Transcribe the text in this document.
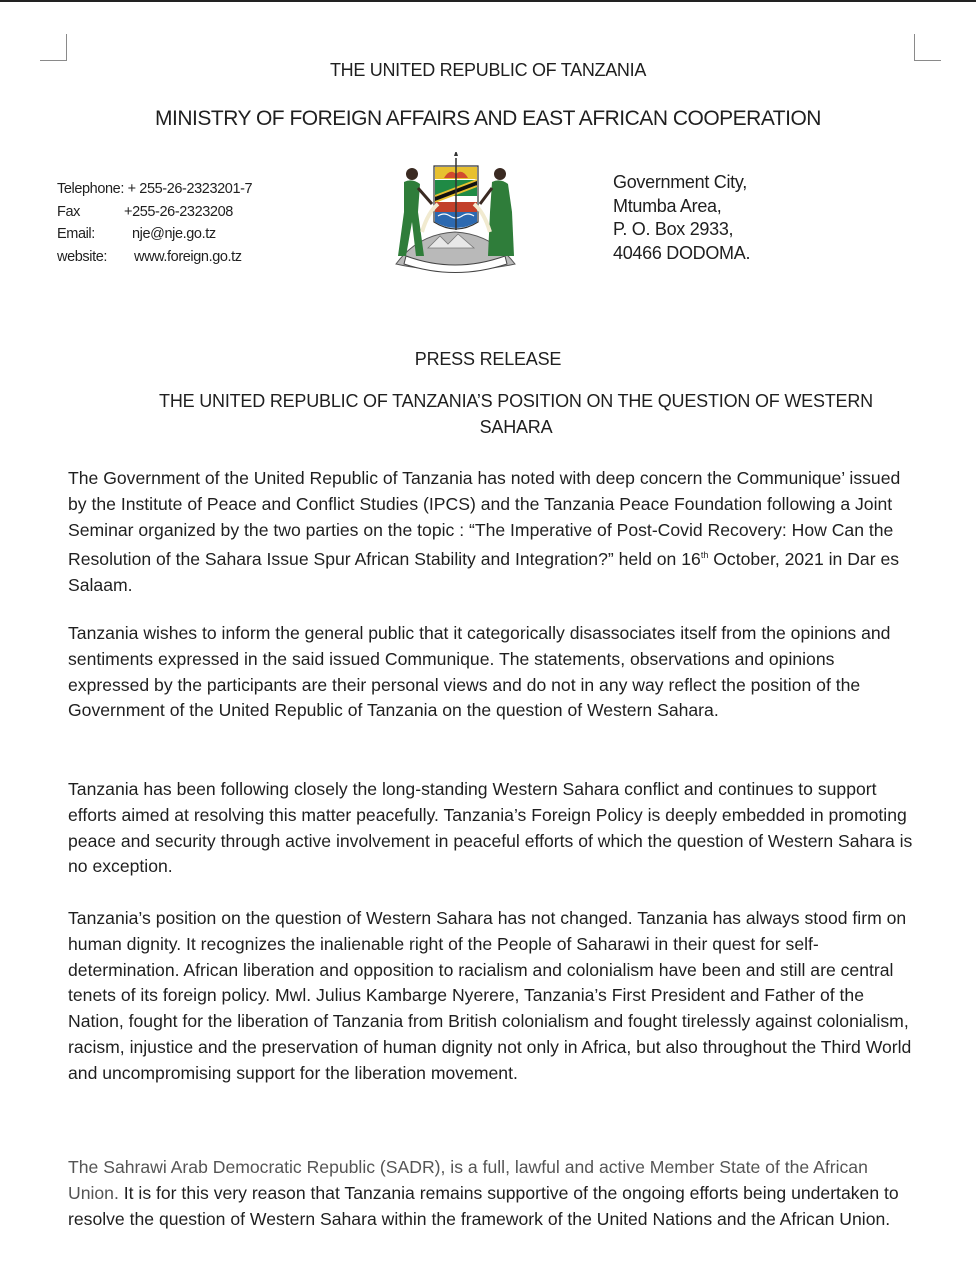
THE UNITED REPUBLIC OF TANZANIA
MINISTRY OF FOREIGN AFFAIRS AND EAST AFRICAN COOPERATION
Telephone: + 255-26-2323201-7
Fax	+255-26-2323208
Email:	nje@nje.go.tz
website: www.foreign.go.tz
Government City,
Mtumba Area,
P. O. Box 2933,
40466 DODOMA.
PRESS RELEASE
THE UNITED REPUBLIC OF TANZANIA’S POSITION ON THE QUESTION OF WESTERN
SAHARA

The Government of the United Republic of Tanzania has noted with deep concern the Communique’ issued by the Institute of Peace and Conflict Studies (IPCS) and the Tanzania Peace Foundation following a Joint Seminar organized by the two parties on the topic : “The Imperative of Post-Covid Recovery: How Can the Resolution of the Sahara Issue Spur African Stability and Integration?” held on 16th October, 2021 in Dar es Salaam.

Tanzania wishes to inform the general public that it categorically disassociates itself from the opinions and sentiments expressed in the said issued Communique. The statements, observations and opinions expressed by the participants are their personal views and do not in any way reflect the position of the Government of the United Republic of Tanzania on the question of Western Sahara.

Tanzania has been following closely the long-standing Western Sahara conflict and continues to support efforts aimed at resolving this matter peacefully. Tanzania’s Foreign Policy is deeply embedded in promoting peace and security through active involvement in peaceful efforts of which the question of Western Sahara is no exception.

Tanzania’s position on the question of Western Sahara has not changed. Tanzania has always stood firm on human dignity. It recognizes the inalienable right of the People of Saharawi in their quest for self-determination. African liberation and opposition to racialism and colonialism have been and still are central tenets of its foreign policy. Mwl. Julius Kambarge Nyerere, Tanzania’s First President and Father of the Nation, fought for the liberation of Tanzania from British colonialism and fought tirelessly against colonialism, racism, injustice and the preservation of human dignity not only in Africa, but also throughout the Third World and uncompromising support for the liberation movement.

The Sahrawi Arab Democratic Republic (SADR), is a full, lawful and active Member State of the African Union. It is for this very reason that Tanzania remains supportive of the ongoing efforts being undertaken to resolve the question of Western Sahara within the framework of the United Nations and the African Union.
